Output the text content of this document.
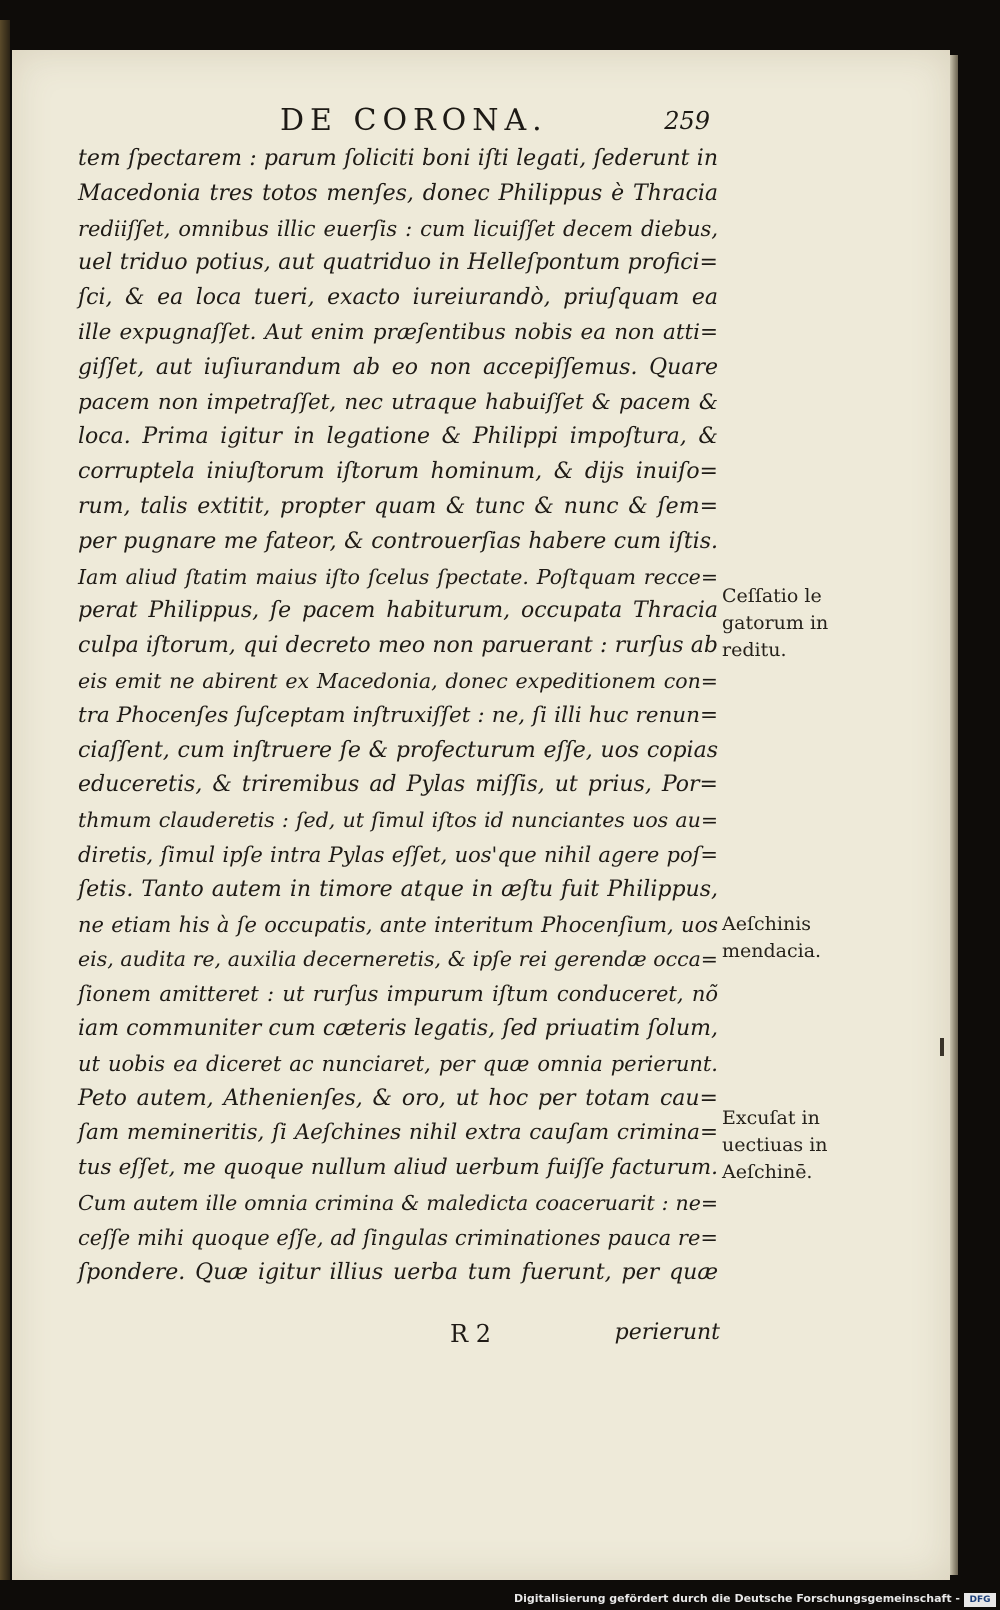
DE CORONA.	259
tem ſpectarem : parum ſoliciti boni iſti legati, ſederunt in
Macedonia tres totos menſes, donec Philippus è Thracia
rediiſſet, omnibus illic euerſis : cum licuiſſet decem diebus,
uel triduo potius, aut quatriduo in Helleſpontum profici=
ſci, & ea loca tueri, exacto iureiurandò, priuſquam ea
ille expugnaſſet. Aut enim præſentibus nobis ea non atti=
giſſet, aut iuſiurandum ab eo non accepiſſemus. Quare
pacem non impetraſſet, nec utraque habuiſſet & pacem &
loca. Prima igitur in legatione & Philippi impoſtura, &
corruptela iniuſtorum iſtorum hominum, & dijs inuiſo=
rum, talis extitit, propter quam & tunc & nunc & ſem=
per pugnare me fateor, & controuerſias habere cum iſtis.
Iam aliud ſtatim maius iſto ſcelus ſpectate. Poſtquam recce=
perat Philippus, ſe pacem habiturum, occupata Thracia
culpa iſtorum, qui decreto meo non paruerant : rurſus ab
eis emit ne abirent ex Macedonia, donec expeditionem con=
tra Phocenſes ſuſceptam inſtruxiſſet : ne, ſi illi huc renun=
ciaſſent, cum inſtruere ſe & profecturum eſſe, uos copias
educeretis, & triremibus ad Pylas miſſis, ut prius, Por=
thmum clauderetis : ſed, ut ſimul iſtos id nunciantes uos au=
diretis, ſimul ipſe intra Pylas eſſet, uos'que nihil agere poſ=
ſetis. Tanto autem in timore atque in æſtu fuit Philippus,
ne etiam his à ſe occupatis, ante interitum Phocenſium, uos
eis, audita re, auxilia decerneretis, & ipſe rei gerendæ occa=
ſionem amitteret : ut rurſus impurum iſtum conduceret, nõ
iam communiter cum cæteris legatis, ſed priuatim ſolum,
ut uobis ea diceret ac nunciaret, per quæ omnia perierunt.
Peto autem, Athenienſes, & oro, ut hoc per totam cau=
ſam memineritis, ſi Aeſchines nihil extra cauſam crimina=
tus eſſet, me quoque nullum aliud uerbum fuiſſe facturum.
Cum autem ille omnia crimina & maledicta coaceruarit : ne=
ceſſe mihi quoque eſſe, ad ſingulas criminationes pauca re=
ſpondere. Quæ igitur illius uerba tum fuerunt, per quæ
Ceſſatio le
gatorum in
reditu.
Aeſchinis
mendacia.
Excuſat in
uectiuas in
Aeſchinē.
R 2	perierunt
Digitalisierung gefördert durch die Deutsche Forschungsgemeinschaft -	DFG
